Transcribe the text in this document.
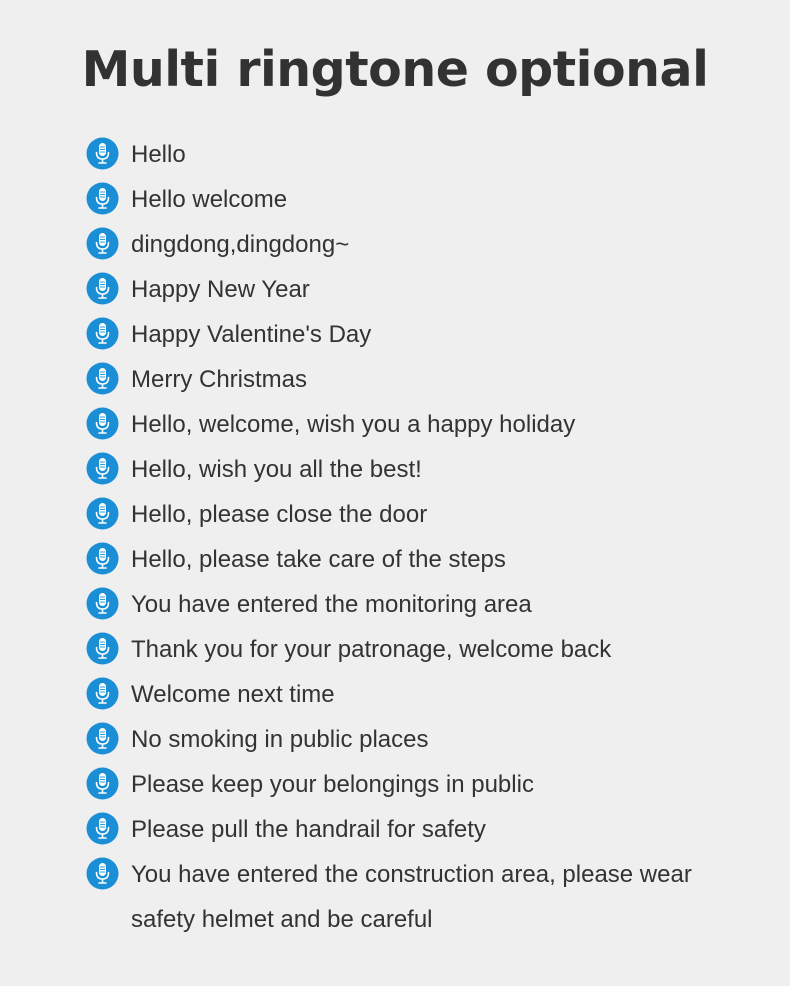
Multi ringtone optional
Hello
Hello welcome
dingdong,dingdong~
Happy New Year
Happy Valentine's Day
Merry Christmas
Hello, welcome, wish you a happy holiday
Hello, wish you all the best!
Hello, please close the door
Hello, please take care of the steps
You have entered the monitoring area
Thank you for your patronage, welcome back
Welcome next time
No smoking in public places
Please keep your belongings in public
Please pull the handrail for safety
You have entered the construction area, please wear safety helmet and be careful
